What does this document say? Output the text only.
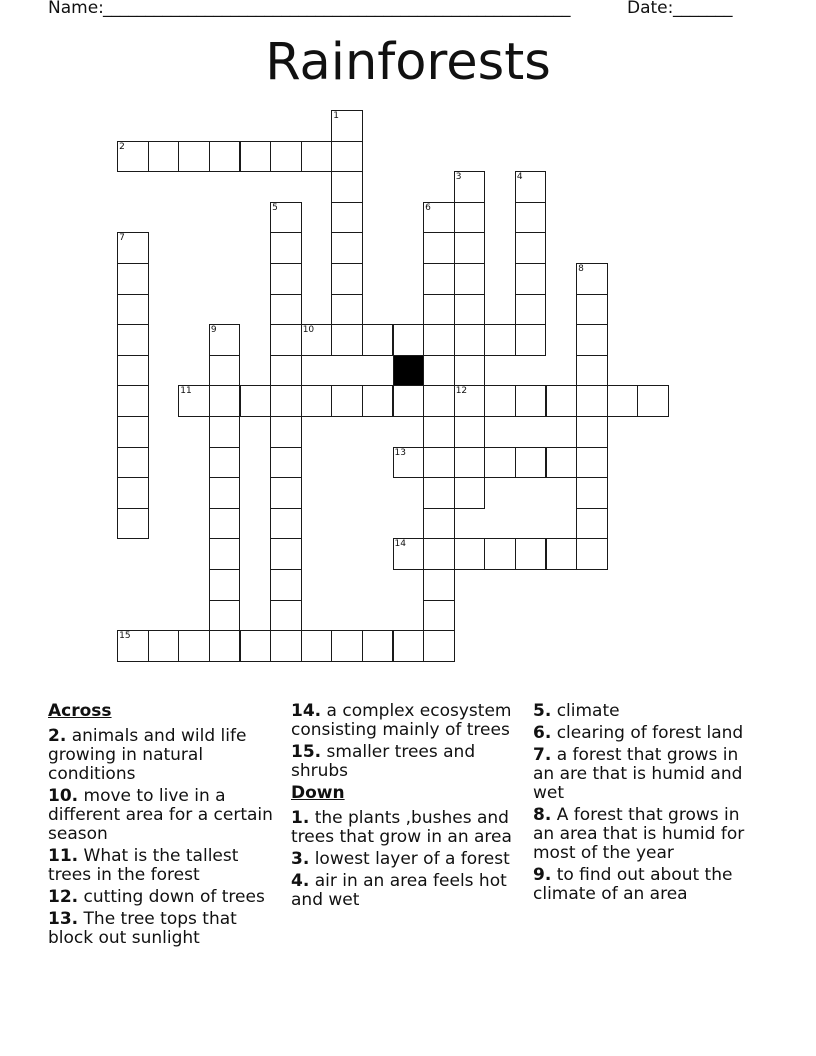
Name: _______________________________________________________	Date: _______
Rainforests
1
2
3
12
4
5	6
7
8
9	10
11
13
14
15
Across
2. animals and wild life growing in natural conditions
10. move to live in a different area for a certain season
11. What is the tallest trees in the forest
12. cutting down of trees
13. The tree tops that block out sunlight
14. a complex ecosystem consisting mainly of trees
15. smaller trees and shrubs
Down
1. the plants ,bushes and trees that grow in an area
3. lowest layer of a forest
4. air in an area feels hot and wet
5. climate
6. clearing of forest land
7. a forest that grows in an are that is humid and wet
8. A forest that grows in an area that is humid for most of the year
9. to find out about the climate of an area
